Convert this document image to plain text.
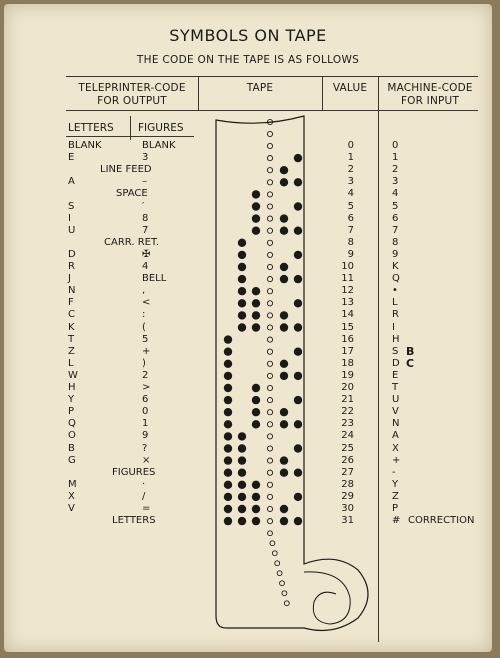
SYMBOLS ON TAPE
THE CODE ON THE TAPE IS AS FOLLOWS
TELEPRINTER-CODE
FOR OUTPUT
TAPE	VALUE	MACHINE-CODE
FOR INPUT
LETTERS FIGURES
BLANK	BLANK	0	0
E	3	1	1
LINE FEED	2	2
A	–	3	3
SPACE	4	4
S	′	5	5
I	8	6	6
U	7	7	7
CARR. RET.	8	8
D	✠	9	9
R	4	10	K
J	BELL	11	Q
N	,	12	•
F	<	13	L
C	:	14	R
K	(	15	I
T	5	16	H
Z	+	17	S
L	)	18	D
W	2	19	E
H	>	20	T
Y	6	21	U
P	0	22	V
Q	1	23	N
O	9	24	A
B	?	25	X
G	×	26	+
FIGURES	27	-
M	·	28	Y
X	/	29	Z
V	=	30	P
LETTERS	31	# CORRECTION
B
C
